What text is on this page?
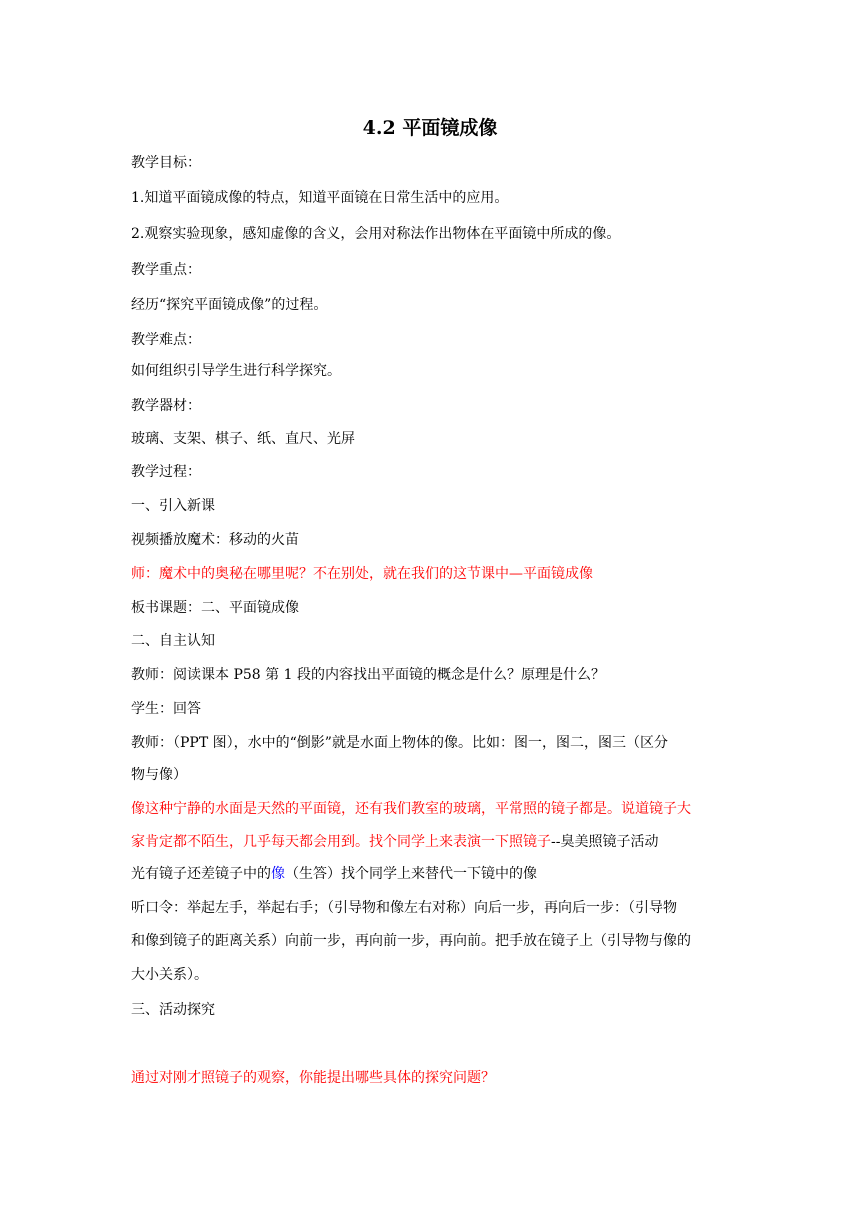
4.2 平面镜成像
教学目标：
1.知道平面镜成像的特点，知道平面镜在日常生活中的应用。
2.观察实验现象，感知虚像的含义，会用对称法作出物体在平面镜中所成的像。
教学重点：
经历“探究平面镜成像”的过程。
教学难点：
如何组织引导学生进行科学探究。
教学器材：
玻璃、支架、棋子、纸、直尺、光屏
教学过程：
一、引入新课
视频播放魔术：移动的火苗
师：魔术中的奥秘在哪里呢？不在别处，就在我们的这节课中—平面镜成像
板书课题：二、平面镜成像
二、自主认知
教师：阅读课本 P58 第 1 段的内容找出平面镜的概念是什么？原理是什么？
学生：回答
教师：（PPT 图），水中的“倒影”就是水面上物体的像。比如：图一，图二，图三（区分
物与像）
像这种宁静的水面是天然的平面镜，还有我们教室的玻璃，平常照的镜子都是。说道镜子大
家肯定都不陌生，几乎每天都会用到。找个同学上来表演一下照镜子--臭美照镜子活动
光有镜子还差镜子中的像（生答）找个同学上来替代一下镜中的像
听口令：举起左手，举起右手；（引导物和像左右对称）向后一步，再向后一步：（引导物
和像到镜子的距离关系）向前一步，再向前一步，再向前。把手放在镜子上（引导物与像的
大小关系）。
三、活动探究
通过对刚才照镜子的观察，你能提出哪些具体的探究问题？
